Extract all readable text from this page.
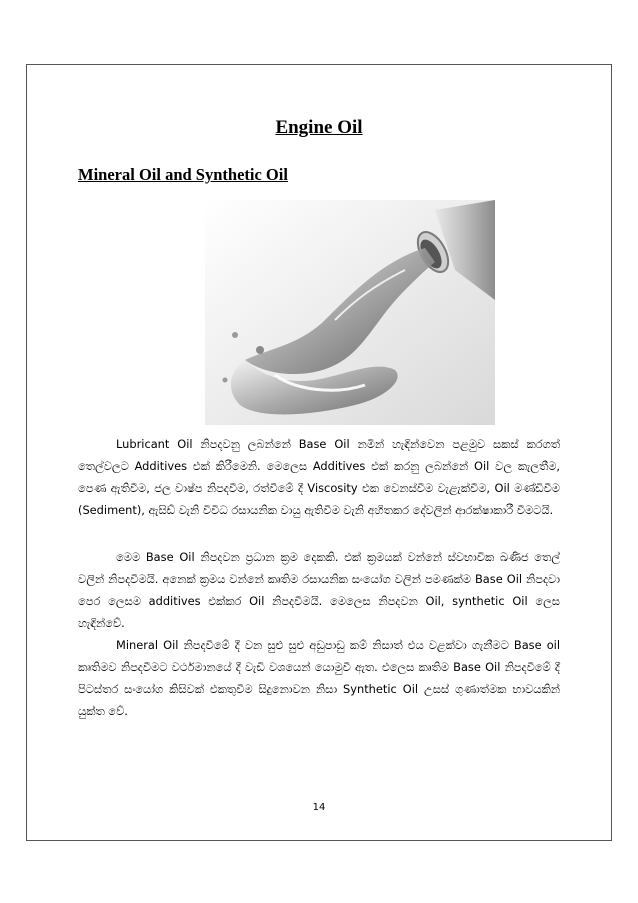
Engine Oil
Mineral Oil and Synthetic Oil
Lubricant Oil නිපදවනු ලබන්නේ Base Oil නමින් හැඳින්වෙන පළමුව සකස් කරගත් තෙල්වලට Additives එක් කිරීමෙනි. මෙලෙස Additives එක් කරනු ලබන්නේ Oil වල කැලතීම, පෙණ ඇතිවීම, ජල වාෂ්ප නිපදවීම, රත්වීමේ දී Viscosity එක වෙනස්වීම වැළැක්වීම, Oil මණ්ඩිවීම (Sediment), ඇසිඩ් වැනි විවිධ රසායනික වායු ඇතිවීම වැනි අහිතකර දේවලින් ආරක්ෂාකාරී වීමටයි.
මෙම Base Oil නිපදවන ප්‍රධාන ක්‍රම දෙකකි. එක් ක්‍රමයක් වන්නේ ස්වභාවික ඛණිජ තෙල් වලින් නිපදවීමයි. අනෙක් ක්‍රමය වන්නේ කෘතිම රසායනික සංයෝග වලින් පමණක්ම Base Oil නිපදවා පෙර ලෙසම additives එක්කර Oil නිපදවීමයි. මෙලෙස නිපදවන Oil, synthetic Oil ලෙස හැඳින්වේ.
Mineral Oil නිපදවීමේ දී වන සුළු සුළු අඩුපාඩු කම් නිසාත් එය වළක්වා ගැනීමට Base oil කෘතිමව නිපදවීමට වර්ථමානයේ දී වැඩි වශයෙන් යොමුවී ඇත. එලෙස කෘතිම Base Oil නිපදවීමේ දී පිටස්තර සංයෝග කිසිවක් එකතුවීම සිදුනොවන නිසා Synthetic Oil උසස් ගුණාත්මක භාවයකින් යුක්ත වේ.
14
